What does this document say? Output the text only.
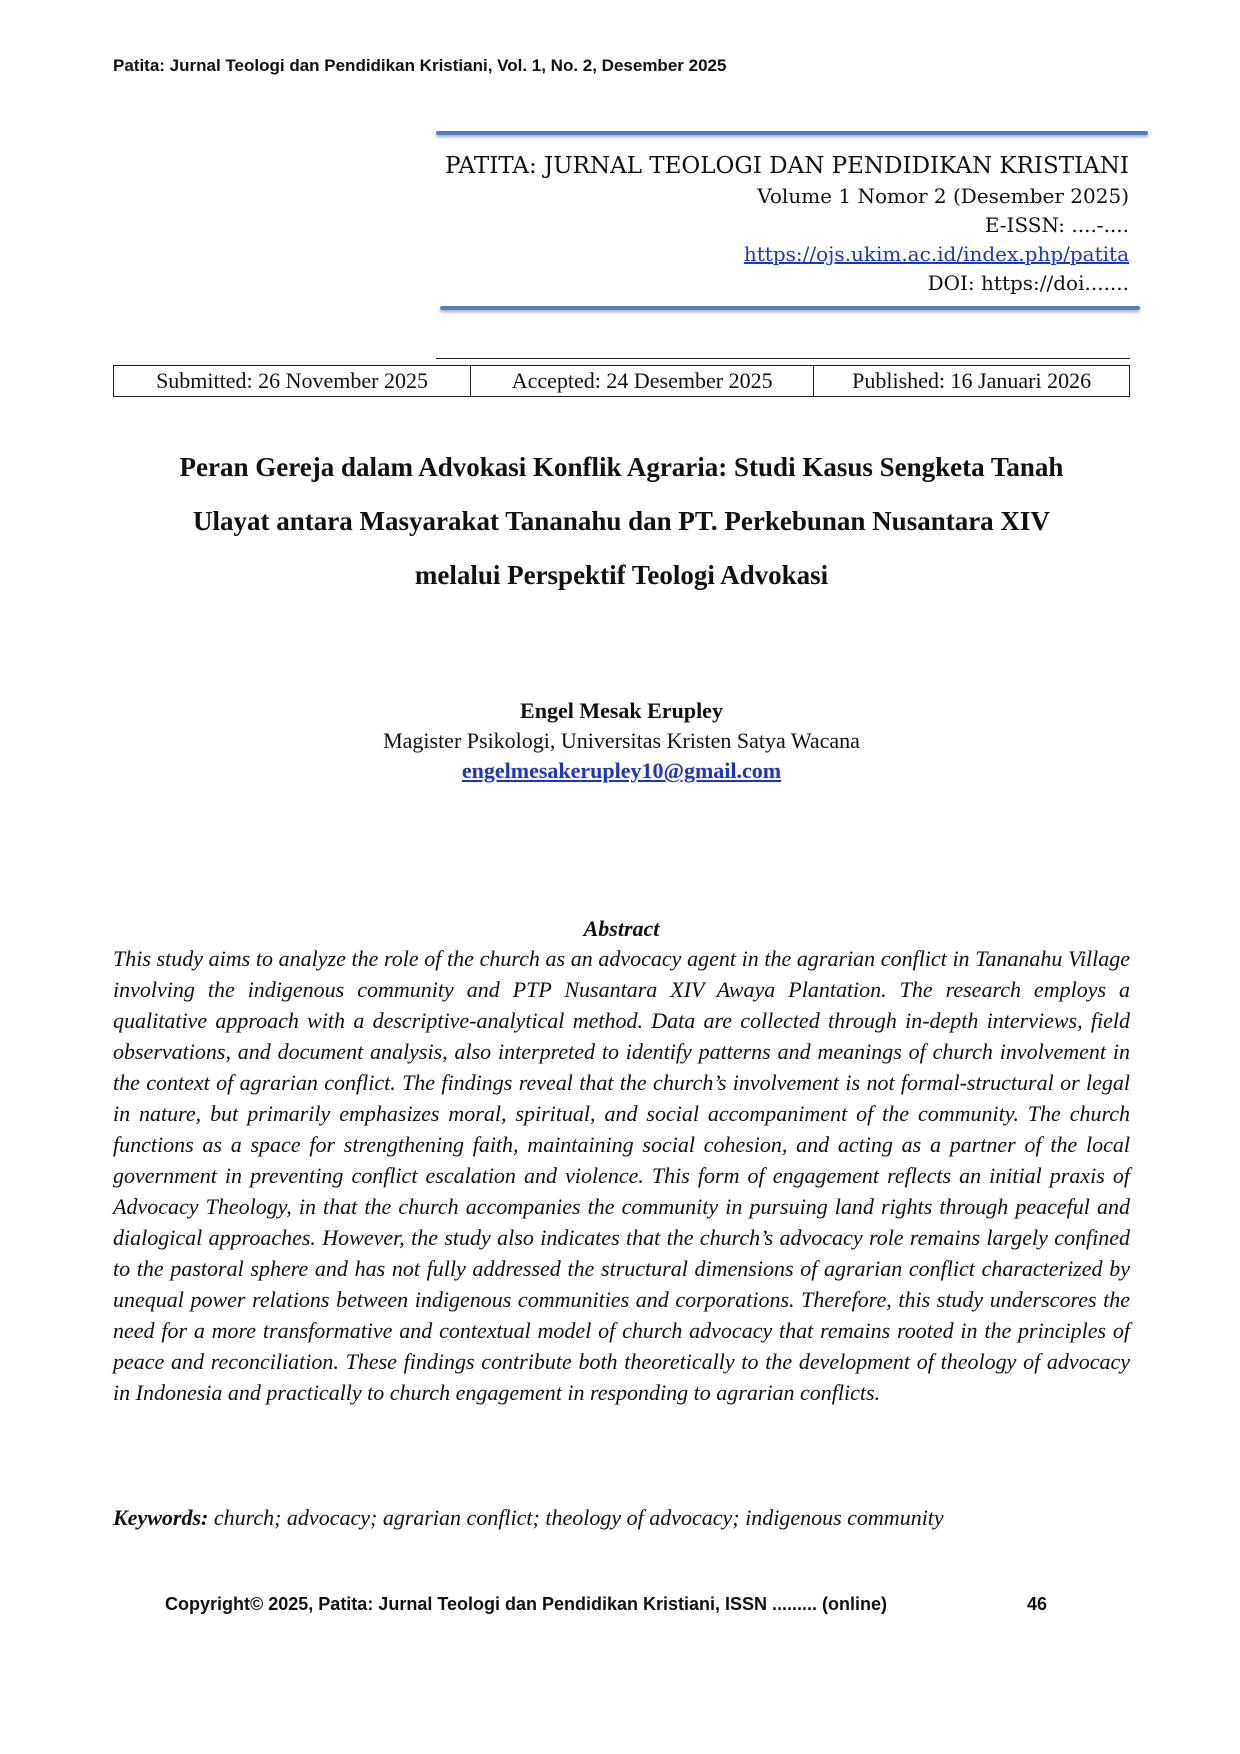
Patita: Jurnal Teologi dan Pendidikan Kristiani, Vol. 1, No. 2, Desember 2025
PATITA: JURNAL TEOLOGI DAN PENDIDIKAN KRISTIANI
Volume 1 Nomor 2 (Desember 2025)
E-ISSN: ....-....
https://ojs.ukim.ac.id/index.php/patita
DOI: https://doi.......
Submitted: 26 November 2025	Accepted: 24 Desember 2025	Published: 16 Januari 2026
Peran Gereja dalam Advokasi Konflik Agraria: Studi Kasus Sengketa Tanah
Ulayat antara Masyarakat Tananahu dan PT. Perkebunan Nusantara XIV
melalui Perspektif Teologi Advokasi
Engel Mesak Erupley
Magister Psikologi, Universitas Kristen Satya Wacana
engelmesakerupley10@gmail.com
Abstract
This study aims to analyze the role of the church as an advocacy agent in the agrarian conflict in Tananahu Village involving the indigenous community and PTP Nusantara XIV Awaya Plantation. The research employs a qualitative approach with a descriptive-analytical method. Data are collected through in-depth interviews, field observations, and document analysis, also interpreted to identify patterns and meanings of church involvement in the context of agrarian conflict. The findings reveal that the church’s involvement is not formal-structural or legal in nature, but primarily emphasizes moral, spiritual, and social accompaniment of the community. The church functions as a space for strengthening faith, maintaining social cohesion, and acting as a partner of the local government in preventing conflict escalation and violence. This form of engagement reflects an initial praxis of Advocacy Theology, in that the church accompanies the community in pursuing land rights through peaceful and dialogical approaches. However, the study also indicates that the church’s advocacy role remains largely confined to the pastoral sphere and has not fully addressed the structural dimensions of agrarian conflict characterized by unequal power relations between indigenous communities and corporations. Therefore, this study underscores the need for a more transformative and contextual model of church advocacy that remains rooted in the principles of peace and reconciliation. These findings contribute both theoretically to the development of theology of advocacy in Indonesia and practically to church engagement in responding to agrarian conflicts.
Keywords: church; advocacy; agrarian conflict; theology of advocacy; indigenous community
Copyright© 2025, Patita: Jurnal Teologi dan Pendidikan Kristiani, ISSN ......... (online)	46
